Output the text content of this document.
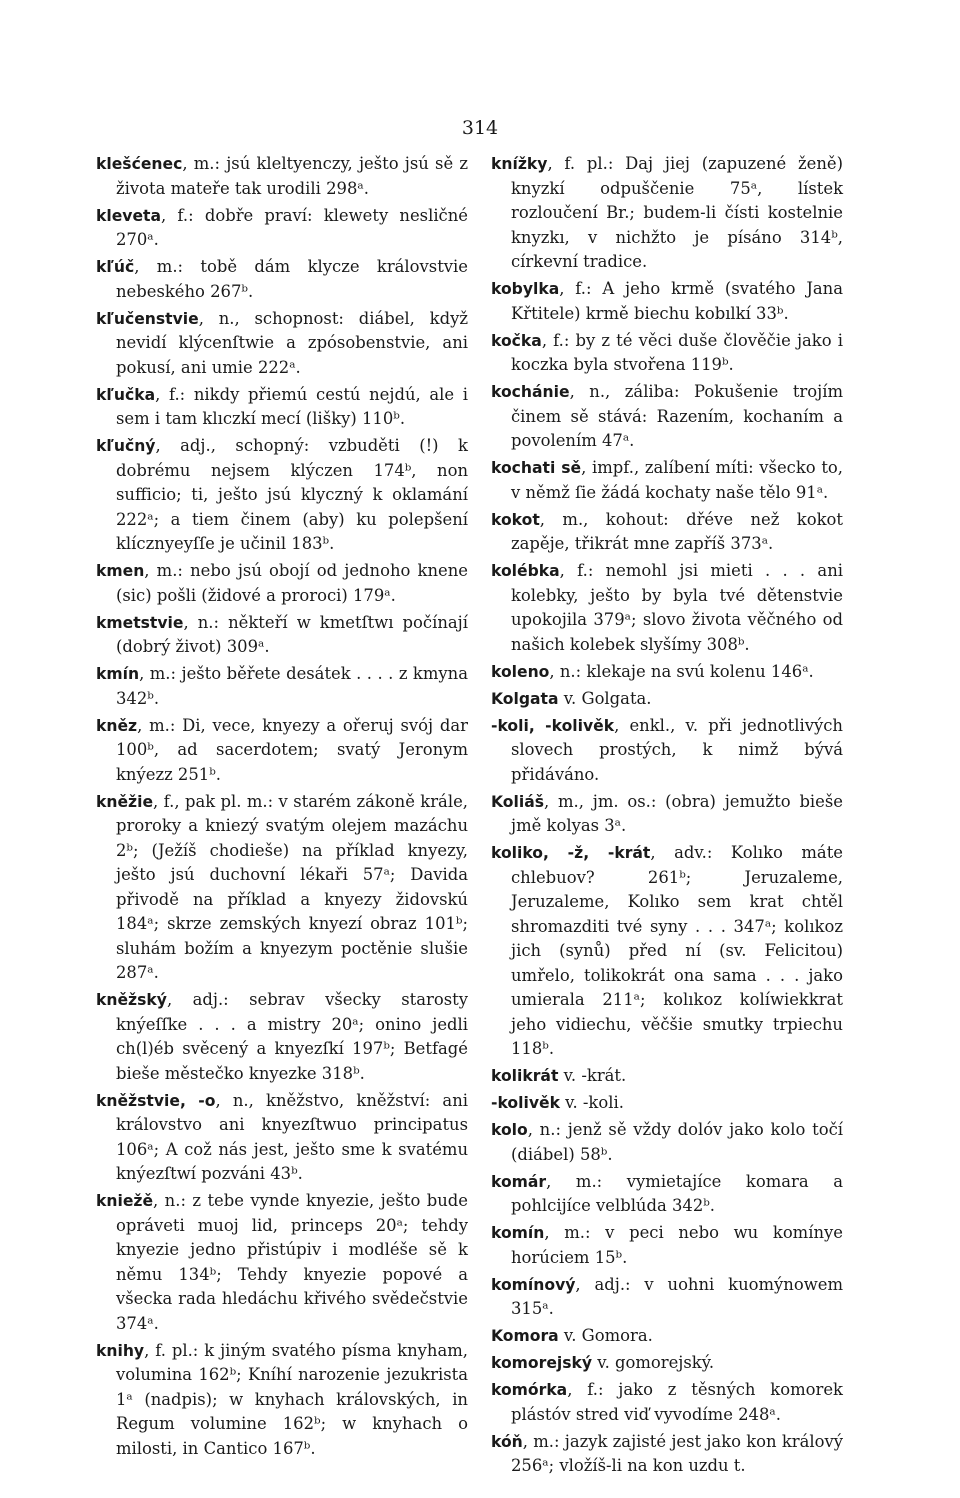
314

klešćenec, m.: jsú kleltyenczy, ještо jsú sě z života mateře tak urodili 298ᵃ.

kleveta, f.: dobře praví: klewety nesličné 270ᵃ.

kľúč, m.: tobě dám klycze královstvie nebeského 267ᵇ.

kľučenstvie, n., schopnost: diábel, když nevidí klýcenſtwie a zpósobenstvie, ani pokusí, ani umie 222ᵃ.

kľučka, f.: nikdy přiemú cestú nejdú, ale i sem i tam klıczkí mecí (lišky) 110ᵇ.

kľučný, adj., schopný: vzbuděti (!) k dobrému nejsem klýczen 174ᵇ, non sufficio; ti, ještо jsú klyczný k oklamání 222ᵃ; a tiem činem (aby) ku polepšení klícznyeyſſe je učinil 183ᵇ.

kmen, m.: nebo jsú obojí od jednoho knene (sic) pošli (židové a proroci) 179ᵃ.

kmetstvie, n.: někteří w kmetſtwı počínají (dobrý život) 309ᵃ.

kmín, m.: ještо běřete desátek . . . . z kmyna 342ᵇ.

kněz, m.: Di, vece, knyezy a ořeruj svój dar 100ᵇ, ad sacerdotem; svatý Jeronym knýezz 251ᵇ.

kněžie, f., pak pl. m.: v starém zákoně krále, proroky a kniezý svatým olejem mazáchu 2ᵇ; (Ježíš chodieše) na příklad knyezy, ještо jsú duchovní lékaři 57ᵃ; Davida přivodě na příklad a knyezy židovskú 184ᵃ; skrze zemských knyezí obraz 101ᵇ; sluhám božím a knyezym poctěnie slušie 287ᵃ.

kněžský, adj.: sebrav všecky starosty knýeſſke . . . a mistry 20ᵃ; onino jedli ch(l)éb svěcený a knyezſkí 197ᵇ; Betfagé bieše městečko knyezke 318ᵇ.

kněžstvie, -o, n., kněžstvo, kněžství: ani královstvo ani knyezſtwuo principatus 106ᵃ; A což nás jest, ještо sme k svatému knýezſtwí pozváni 43ᵇ.

kniežě, n.: z tebe vynde knyezie, ještо bude opráveti muoj lid, princeps 20ᵃ; tehdy knyezie jedno přistúpiv i modléše sě k němu 134ᵇ; Tehdy knyezie popové a všecka rada hledáchu křivého svědečstvie 374ᵃ.

knihy, f. pl.: k jiným svatého písma knyham, volumina 162ᵇ; Kníhí narozenie jezukrista 1ᵃ (nadpis); w knyhach královských, in Regum volumine 162ᵇ; w knyhach o milosti, in Cantico 167ᵇ.

knížky, f. pl.: Daj jiej (zapuzené ženě) knyzkí odpuščenie 75ᵃ, lístek rozloučení Br.; budem-li čísti kostelnie knyzkı, v nichžto je písáno 314ᵇ, církevní tradice.

kobylka, f.: A jeho krmě (svatého Jana Křtitele) krmě biechu kobılkí 33ᵇ.

kočka, f.: by z té věci duše člověčie jako i koczka byla stvořena 119ᵇ.

kochánie, n., záliba: Pokušenie trojím činem sě stává: Razením, kochaním a povolením 47ᵃ.

kochati sě, impf., zalíbení míti: všecko to, v němž ſie žádá kochaty naše tělo 91ᵃ.

kokot, m., kohout: dřéve než kokot zapěje, třikrát mne zapříš 373ᵃ.

kolébka, f.: nemohl jsi mieti . . . ani kolebky, ještо by byla tvé dětenstvie upokojila 379ᵃ; slovo života věčného od našich kolebek slyšímy 308ᵇ.

koleno, n.: klekaje na svú kolenu 146ᵃ.

Kolgata v. Golgata.

-koli, -kolivěk, enkl., v. při jednotlivých slovech prostých, k nimž bývá přidáváno.

Koliáš, m., jm. os.: (obra) jemužto bieše jmě kolyas 3ᵃ.

koliko, -ž, -krát, adv.: Kolıko máte chlebuov? 261ᵇ; Jeruzaleme, Jeruzaleme, Kolıko sem krat chtěl shromazditi tvé syny . . . 347ᵃ; kolıkoz jich (synů) před ní (sv. Felicitou) umřelo, tolikokrát ona sama . . . jako umierala 211ᵃ; kolıkoz kolíwiekkrat jeho vidiechu, věčšie smutky trpiechu 118ᵇ.

kolikrát v. -krát.

-kolivěk v. -koli.

kolo, n.: jenž sě vždy dolóv jako kolo točí (diábel) 58ᵇ.

komár, m.: vymietajíce komara a pohlcijíce velblúda 342ᵇ.

komín, m.: v peci nebo wu komínye horúciem 15ᵇ.

komínový, adj.: v uohni kuomýnowem 315ᵃ.

Komora v. Gomora.

komorejský v. gomorejský.

komórka, f.: jako z těsných komorek plástóv stred viď vyvodíme 248ᵃ.

kóň, m.: jazyk zajisté jest jako kon králový 256ᵃ; vložíš-li na kon uzdu t.
